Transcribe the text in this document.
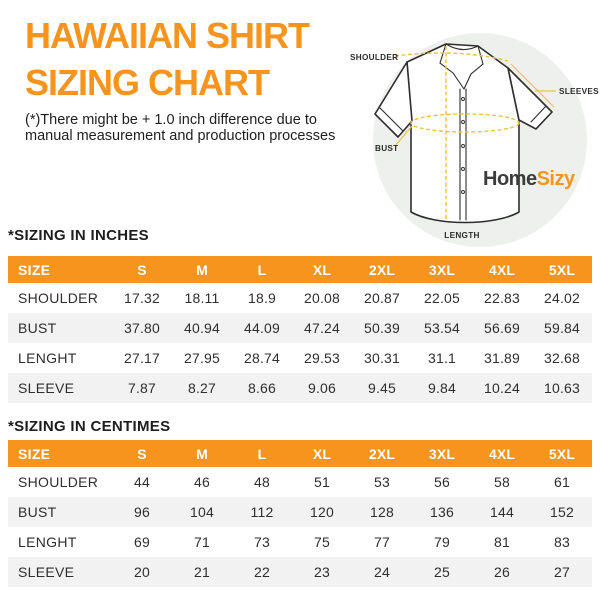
HAWAIIAN SHIRT
SIZING CHART

(*)There might be + 1.0 inch difference due to manual measurement and production processes

SHOULDER
SLEEVES
BUST
LENGTH
HomeSizy
*SIZING IN INCHES
SIZE	S	M	L	XL	2XL	3XL	4XL	5XL
SHOULDER	17.32	18.11	18.9	20.08	20.87	22.05	22.83	24.02
BUST	37.80	40.94	44.09	47.24	50.39	53.54	56.69	59.84
LENGHT	27.17	27.95	28.74	29.53	30.31	31.1	31.89	32.68
SLEEVE	7.87	8.27	8.66	9.06	9.45	9.84	10.24	10.63
*SIZING IN CENTIMES
SIZE	S	M	L	XL	2XL	3XL	4XL	5XL
SHOULDER	44	46	48	51	53	56	58	61
BUST	96	104	112	120	128	136	144	152
LENGHT	69	71	73	75	77	79	81	83
SLEEVE	20	21	22	23	24	25	26	27
